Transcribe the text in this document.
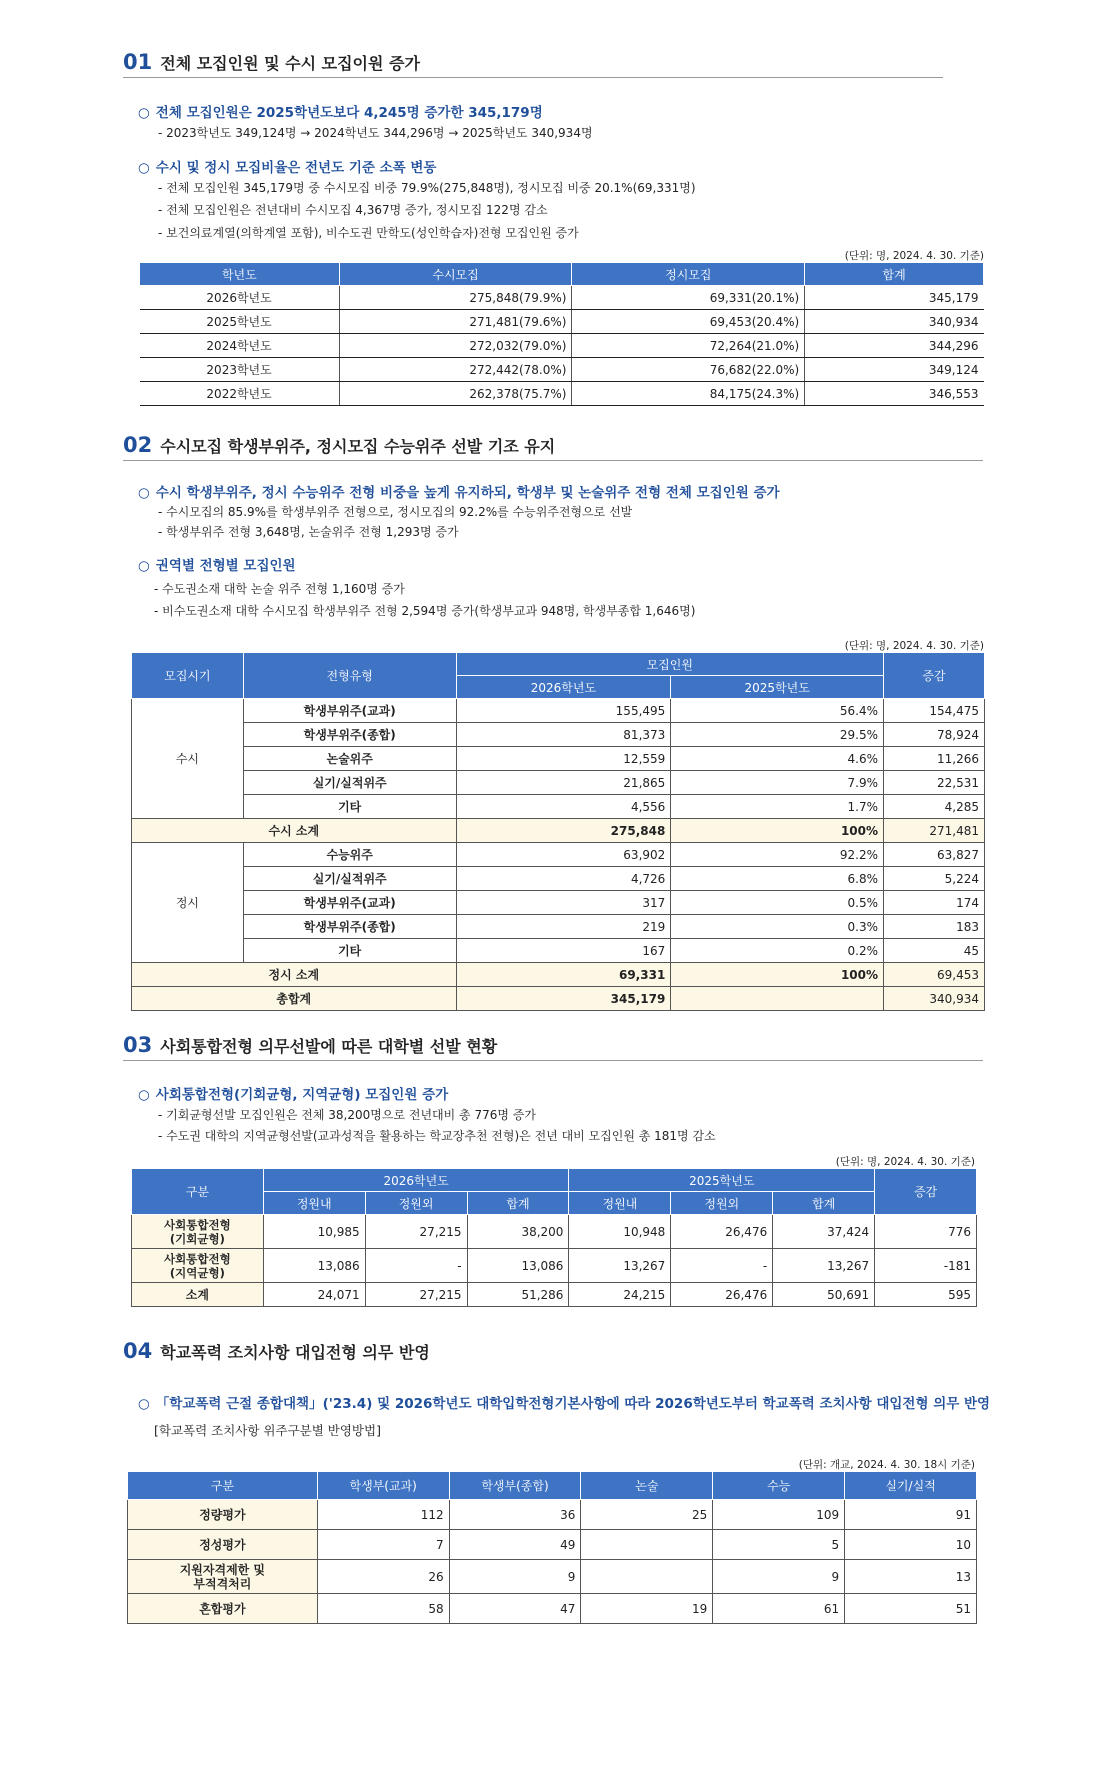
01 전체 모집인원 및 수시 모집이원 증가
○ 전체 모집인원은 2025학년도보다 4,245명 증가한 345,179명
- 2023학년도 349,124명 → 2024학년도 344,296명 → 2025학년도 340,934명
○ 수시 및 정시 모집비율은 전년도 기준 소폭 변동
- 전체 모집인원 345,179명 중 수시모집 비중 79.9%(275,848명), 정시모집 비중 20.1%(69,331명)
- 전체 모집인원은 전년대비 수시모집 4,367명 증가, 정시모집 122명 감소
- 보건의료계열(의학계열 포함), 비수도권 만학도(성인학습자)전형 모집인원 증가
(단위: 명, 2024. 4. 30. 기준)
학년도	수시모집	정시모집	합계
2026학년도	275,848(79.9%)	69,331(20.1%)	345,179
2025학년도	271,481(79.6%)	69,453(20.4%)	340,934
2024학년도	272,032(79.0%)	72,264(21.0%)	344,296
2023학년도	272,442(78.0%)	76,682(22.0%)	349,124
2022학년도	262,378(75.7%)	84,175(24.3%)	346,553
02 수시모집 학생부위주, 정시모집 수능위주 선발 기조 유지
○ 수시 학생부위주, 정시 수능위주 전형 비중을 높게 유지하되, 학생부 및 논술위주 전형 전체 모집인원 증가
- 수시모집의 85.9%를 학생부위주 전형으로, 정시모집의 92.2%를 수능위주전형으로 선발
- 학생부위주 전형 3,648명, 논술위주 전형 1,293명 증가
○ 권역별 전형별 모집인원
- 수도권소재 대학 논술 위주 전형 1,160명 증가
- 비수도권소재 대학 수시모집 학생부위주 전형 2,594명 증가(학생부교과 948명, 학생부종합 1,646명)
(단위: 명, 2024. 4. 30. 기준)
모집시기	전형유형	모집인원		증감
		2026학년도	2025학년도	
수시	학생부위주(교과)	155,495	56.4%	154,475
	학생부위주(종합)	81,373	29.5%	78,924
	논술위주	12,559	4.6%	11,266
	실기/실적위주	21,865	7.9%	22,531
	기타	4,556	1.7%	4,285
수시 소계		275,848	100%	271,481
정시	수능위주	63,902	92.2%	63,827
	실기/실적위주	4,726	6.8%	5,224
	학생부위주(교과)	317	0.5%	174
	학생부위주(종합)	219	0.3%	183
	기타	167	0.2%	45
정시 소계		69,331	100%	69,453
총합계		345,179		340,934
03 사회통합전형 의무선발에 따른 대학별 선발 현황
○ 사회통합전형(기회균형, 지역균형) 모집인원 증가
- 기회균형선발 모집인원은 전체 38,200명으로 전년대비 총 776명 증가
- 수도권 대학의 지역균형선발(교과성적을 활용하는 학교장추천 전형)은 전년 대비 모집인원 총 181명 감소
(단위: 명, 2024. 4. 30. 기준)
구분	2026학년도			2025학년도			증감
	정원내	정원외	합계	정원내	정원외	합계	
사회통합전형
(기회균형)	10,985	27,215	38,200	10,948	26,476	37,424	776
사회통합전형
(지역균형)	13,086	-	13,086	13,267	-	13,267	-181
소계	24,071	27,215	51,286	24,215	26,476	50,691	595
04 학교폭력 조치사항 대입전형 의무 반영
○ 「학교폭력 근절 종합대책」('23.4) 및 2026학년도 대학입학전형기본사항에 따라 2026학년도부터 학교폭력 조치사항 대입전형 의무 반영
[학교폭력 조치사항 위주구분별 반영방법]
(단위: 개교, 2024. 4. 30. 18시 기준)
구분	학생부(교과)	학생부(종합)	논술	수능	실기/실적
정량평가	112	36	25	109	91
정성평가	7	49		5	10
지원자격제한 및
부적격처리	26	9		9	13
혼합평가	58	47	19	61	51
